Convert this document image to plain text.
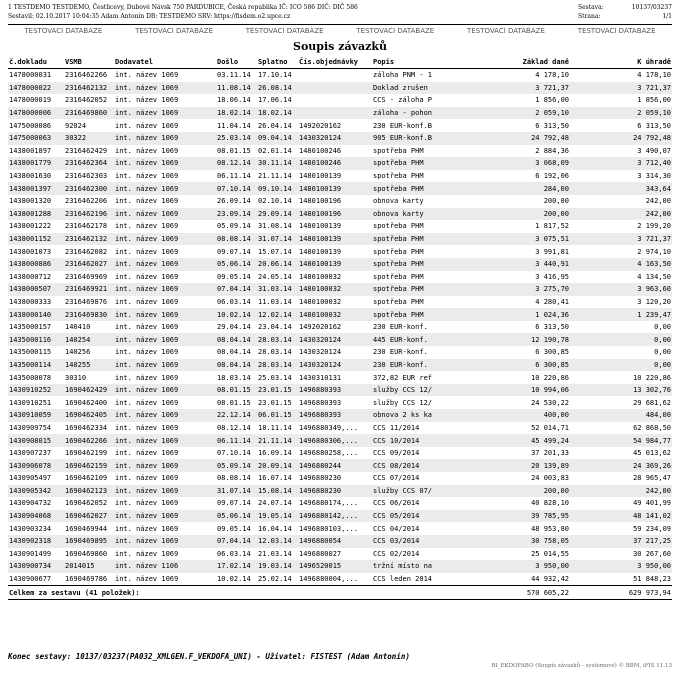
1 TESTDEMO TESTDEMO, Čestlicevy, Dubové Návsk 750 PARDUBICE, Česká republika IČ: ICO 586 DIČ: DIČ 586	Sestava:	10137/03237
Sestavil: 02.10.2017 10:04:35 Adam Antonín DB: TESTDEMO SRV: https://fisdem.o2.upce.cz	Strana:	1/1
TESTOVACÍ DATABÁZE	TESTOVACÍ DATABÁZE	TESTOVACÍ DATABÁZE	TESTOVACÍ DATABÁZE	TESTOVACÍ DATABÁZE	TESTOVACÍ DATABÁZE
Soupis závazků
č.dokladu	VSMB	Dodavatel	Došlo	Splatno	Čís.objednávky	Popis	Základ daně	K úhradě
1478000031	2316462266	int. název 1069	03.11.14	17.10.14		záloha PNM - 1	4 178,10	4 178,10
1478000022	2316462132	int. název 1069	11.08.14	26.08.14		Doklad zrušen	3 721,37	3 721,37
1478000019	2316462052	int. název 1069	18.06.14	17.06.14		CCS - záloha P	1 856,00	1 856,00
1478000006	2316469860	int. název 1069	18.02.14	18.02.14		záloha - pohon	2 059,10	2 059,10
1475000086	92024	int. název 1069	11.04.14	26.04.14	1492020162	230 EUR-konf.B	6 313,50	6 313,50
1475000063	30322	int. název 1069	25.03.14	09.04.14	1430320124	905 EUR-konf.B	24 792,48	24 792,48
1438001897	2316462429	int. název 1069	08.01.15	02.01.14	1480100246	spotřeba PHM	2 884,36	3 490,07
1438001779	2316462364	int. název 1069	08.12.14	30.11.14	1480100246	spotřeba PHM	3 068,09	3 712,40
1438001630	2316462303	int. název 1069	06.11.14	21.11.14	1480100139	spotřeba PHM	6 192,06	3 314,30
1438001397	2316462300	int. název 1069	07.10.14	09.10.14	1480100139	spotřeba PHM	284,00	343,64
1438001320	2316462206	int. název 1069	26.09.14	02.10.14	1480100196	obnova karty	200,00	242,00
1438001288	2316462196	int. název 1069	23.09.14	29.09.14	1480100196	obnova karty	200,00	242,00
1438001222	2316462178	int. název 1069	05.09.14	31.08.14	1480100139	spotřeba PHM	1 817,52	2 199,20
1438001152	2316462132	int. název 1069	08.08.14	31.07.14	1480100139	spotřeba PHM	3 075,51	3 721,37
1438001073	2316462082	int. název 1069	09.07.14	15.07.14	1480100139	spotřeba PHM	3 991,81	2 974,10
1438000886	2316462027	int. název 1069	05.06.14	20.06.14	1480100139	spotřeba PHM	3 440,91	4 163,50
1438000712	2316469969	int. název 1069	09.05.14	24.05.14	1480100032	spotřeba PHM	3 416,95	4 134,50
1438000507	2316469921	int. název 1069	07.04.14	31.03.14	1480100032	spotřeba PHM	3 275,70	3 963,60
1438000333	2316469876	int. název 1069	06.03.14	11.03.14	1480100032	spotřeba PHM	4 280,41	3 120,20
1438000140	2316469830	int. název 1069	10.02.14	12.02.14	1480100032	spotřeba PHM	1 024,36	1 239,47
1435000157	140410	int. název 1069	29.04.14	23.04.14	1492020162	230 EUR-konf.	6 313,50	0,00
1435000116	140254	int. název 1069	08.04.14	28.03.14	1430320124	445 EUR-konf.	12 190,78	0,00
1435000115	140256	int. název 1069	08.04.14	28.03.14	1430320124	230 EUR-konf.	6 300,85	0,00
1435000114	140255	int. název 1069	08.04.14	28.03.14	1430320124	230 EUR-konf.	6 300,85	0,00
1435000078	30310	int. název 1069	18.03.14	25.03.14	1430310131	372,82 EUR ref	10 220,86	10 220,86
1430910252	1690462429	int. název 1069	08.01.15	23.01.15	1496880393	služby CCS 12/	10 994,06	13 302,76
1430910251	1690462400	int. název 1069	08.01.15	23.01.15	1496880393	služby CCS 12/	24 530,22	29 681,62
1430910059	1690462405	int. název 1069	22.12.14	06.01.15	1496880393	obnova 2 ks ka	400,00	484,00
1430909754	1690462334	int. název 1069	08.12.14	18.11.14	1496880349,...	CCS 11/2014	52 014,71	62 868,50
1430908015	1690462266	int. název 1069	06.11.14	21.11.14	1496880306,...	CCS 10/2014	45 499,24	54 984,77
1430907237	1690462199	int. název 1069	07.10.14	16.09.14	1496880258,...	CCS 09/2014	37 201,33	45 013,62
1430906078	1690462159	int. název 1069	05.09.14	20.09.14	1496880244	CCS 08/2014	20 139,89	24 369,26
1430905497	1690462109	int. název 1069	08.08.14	16.07.14	1496880230	CCS 07/2014	24 003,83	28 965,47
1430905342	1690462123	int. název 1069	31.07.14	15.08.14	1496880230	služby CCS 07/	200,00	242,00
1430904732	1690462052	int. název 1069	09.07.14	24.07.14	1496880174,...	CCS 06/2014	40 828,10	49 401,99
1430904068	1690462027	int. název 1069	05.06.14	19.05.14	1496880142,...	CCS 05/2014	39 785,95	48 141,02
1430903234	1690469944	int. název 1069	09.05.14	16.04.14	1496880103,...	CCS 04/2014	48 953,80	59 234,09
1430902318	1690469895	int. název 1069	07.04.14	12.03.14	1496880054	CCS 03/2014	30 758,05	37 217,25
1430901499	1690469860	int. název 1069	06.03.14	21.03.14	1496880027	CCS 02/2014	25 014,55	30 267,60
1430900734	2014015	int. název 1106	17.02.14	19.03.14	1496520015	tržní místo na	3 950,00	3 950,00
1430900677	1690469786	int. název 1069	10.02.14	25.02.14	1496880004,...	CCS leden 2014	44 932,42	51 848,23
Celkem za sestavu (41 položek):							570 605,22	629 973,94
Konec sestavy: 10137/03237(PA032_XMLGEN.F_VEKDOFA_UNI) - Uživatel: FISTEST (Adam Antonín)
RI_EKDOFABO (Soupis závazků - systémové) © BBM, iFIS 11.13
